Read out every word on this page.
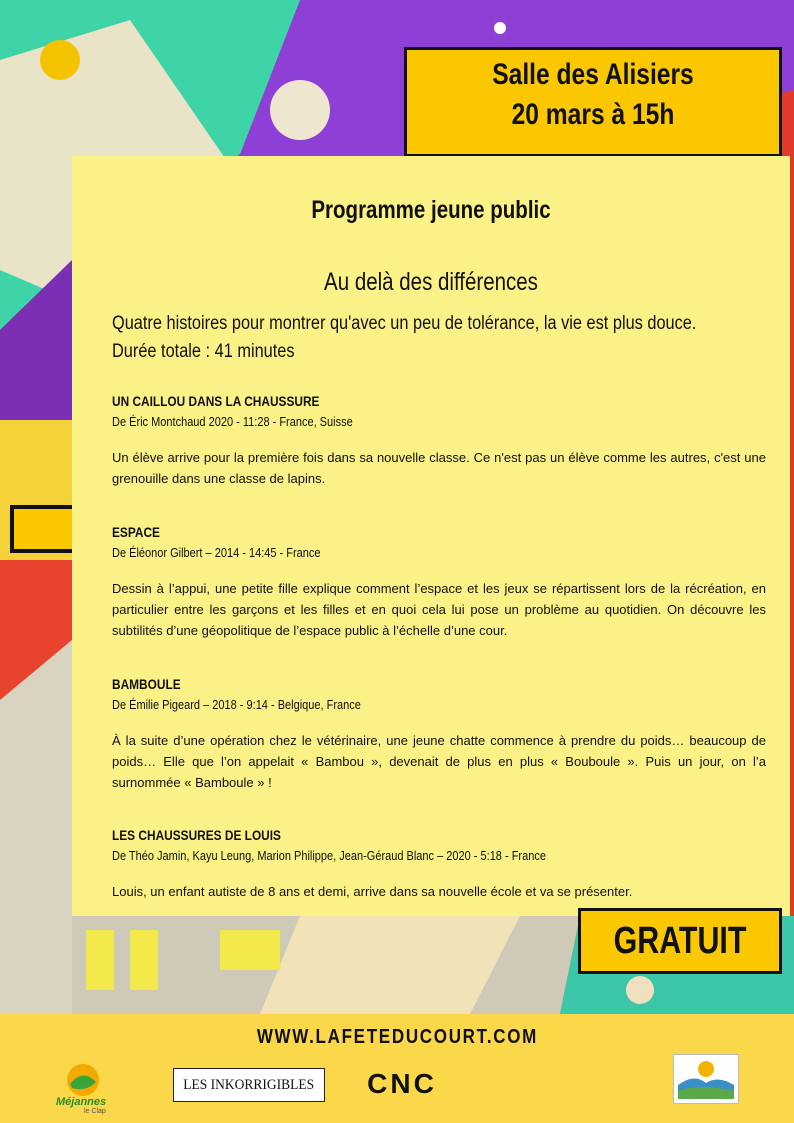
Salle des Alisiers
20 mars à 15h
Programme jeune public
Au delà des différences
Quatre histoires pour montrer qu'avec un peu de tolérance, la vie est plus douce.
Durée totale : 41 minutes
UN CAILLOU DANS LA CHAUSSURE
De Éric Montchaud 2020 - 11:28 - France, Suisse
Un élève arrive pour la première fois dans sa nouvelle classe. Ce n'est pas un élève comme les autres, c'est une grenouille dans une classe de lapins.
ESPACE
De Éléonor Gilbert – 2014 - 14:45 - France
Dessin à l’appui, une petite fille explique comment l’espace et les jeux se répartissent lors de la récréation, en particulier entre les garçons et les filles et en quoi cela lui pose un problème au quotidien. On découvre les subtilités d’une géopolitique de l’espace public à l’échelle d’une cour.
BAMBOULE
De Émilie Pigeard – 2018 - 9:14 - Belgique, France
À la suite d’une opération chez le vétérinaire, une jeune chatte commence à prendre du poids… beaucoup de poids… Elle que l’on appelait « Bambou », devenait de plus en plus « Bouboule ». Puis un jour, on l’a surnommée « Bamboule » !
LES CHAUSSURES DE LOUIS
De Théo Jamin, Kayu Leung, Marion Philippe, Jean-Géraud Blanc – 2020 - 5:18 - France
Louis, un enfant autiste de 8 ans et demi, arrive dans sa nouvelle école et va se présenter.
GRATUIT
WWW.LAFETEDUCOURT.COM
Méjannes
le Clap
LES INKORRIGIBLES	CNC
